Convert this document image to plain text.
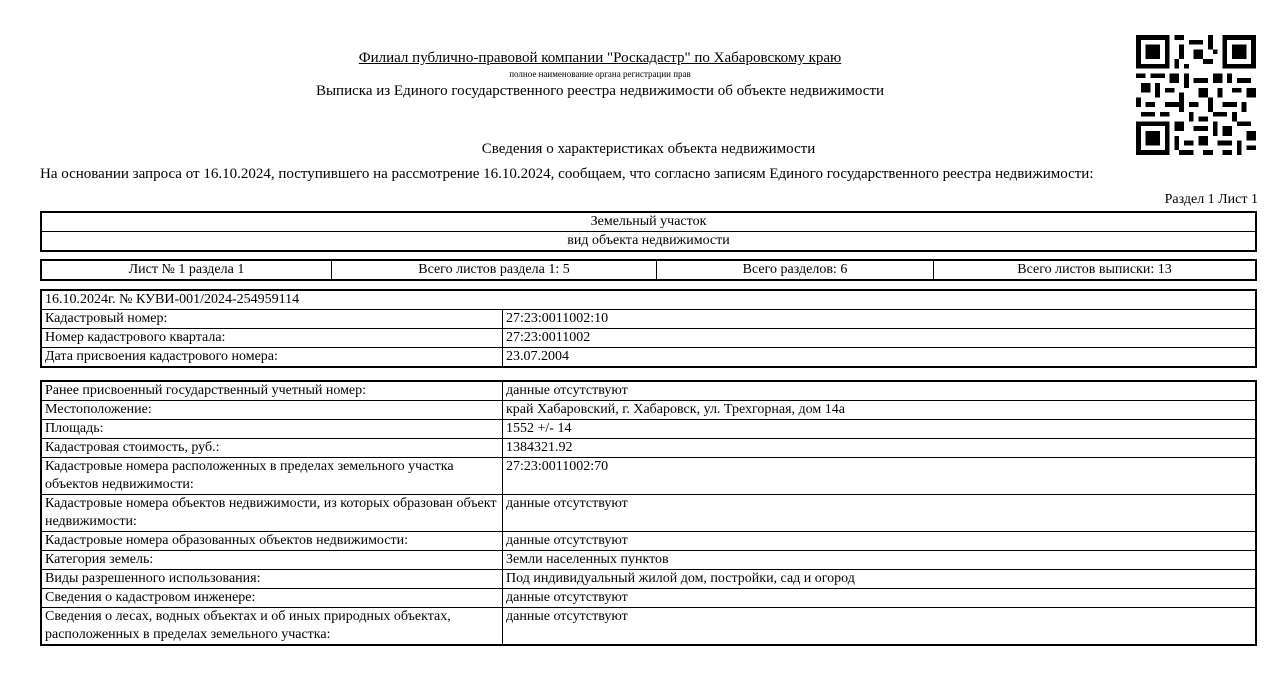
Филиал публично-правовой компании "Роскадастр" по Хабаровскому краю
полное наименование органа регистрации прав
Выписка из Единого государственного реестра недвижимости об объекте недвижимости
Сведения о характеристиках объекта недвижимости
На основании запроса от 16.10.2024, поступившего на рассмотрение 16.10.2024, сообщаем, что согласно записям Единого государственного реестра недвижимости:
Раздел 1 Лист 1
Земельный участок
вид объекта недвижимости
Лист № 1 раздела 1	Всего листов раздела 1: 5	Всего разделов: 6	Всего листов выписки: 13
16.10.2024г. № КУВИ-001/2024-254959114	
Кадастровый номер:	27:23:0011002:10
Номер кадастрового квартала:	27:23:0011002
Дата присвоения кадастрового номера:	23.07.2004
Ранее присвоенный государственный учетный номер:	данные отсутствуют
Местоположение:	край Хабаровский, г. Хабаровск, ул. Трехгорная, дом 14а
Площадь:	1552 +/- 14
Кадастровая стоимость, руб.:	1384321.92
Кадастровые номера расположенных в пределах земельного участка объектов недвижимости:	27:23:0011002:70
Кадастровые номера объектов недвижимости, из которых образован объект недвижимости:	данные отсутствуют
Кадастровые номера образованных объектов недвижимости:	данные отсутствуют
Категория земель:	Земли населенных пунктов
Виды разрешенного использования:	Под индивидуальный жилой дом, постройки, сад и огород
Сведения о кадастровом инженере:	данные отсутствуют
Сведения о лесах, водных объектах и об иных природных объектах, расположенных в пределах земельного участка:	данные отсутствуют
